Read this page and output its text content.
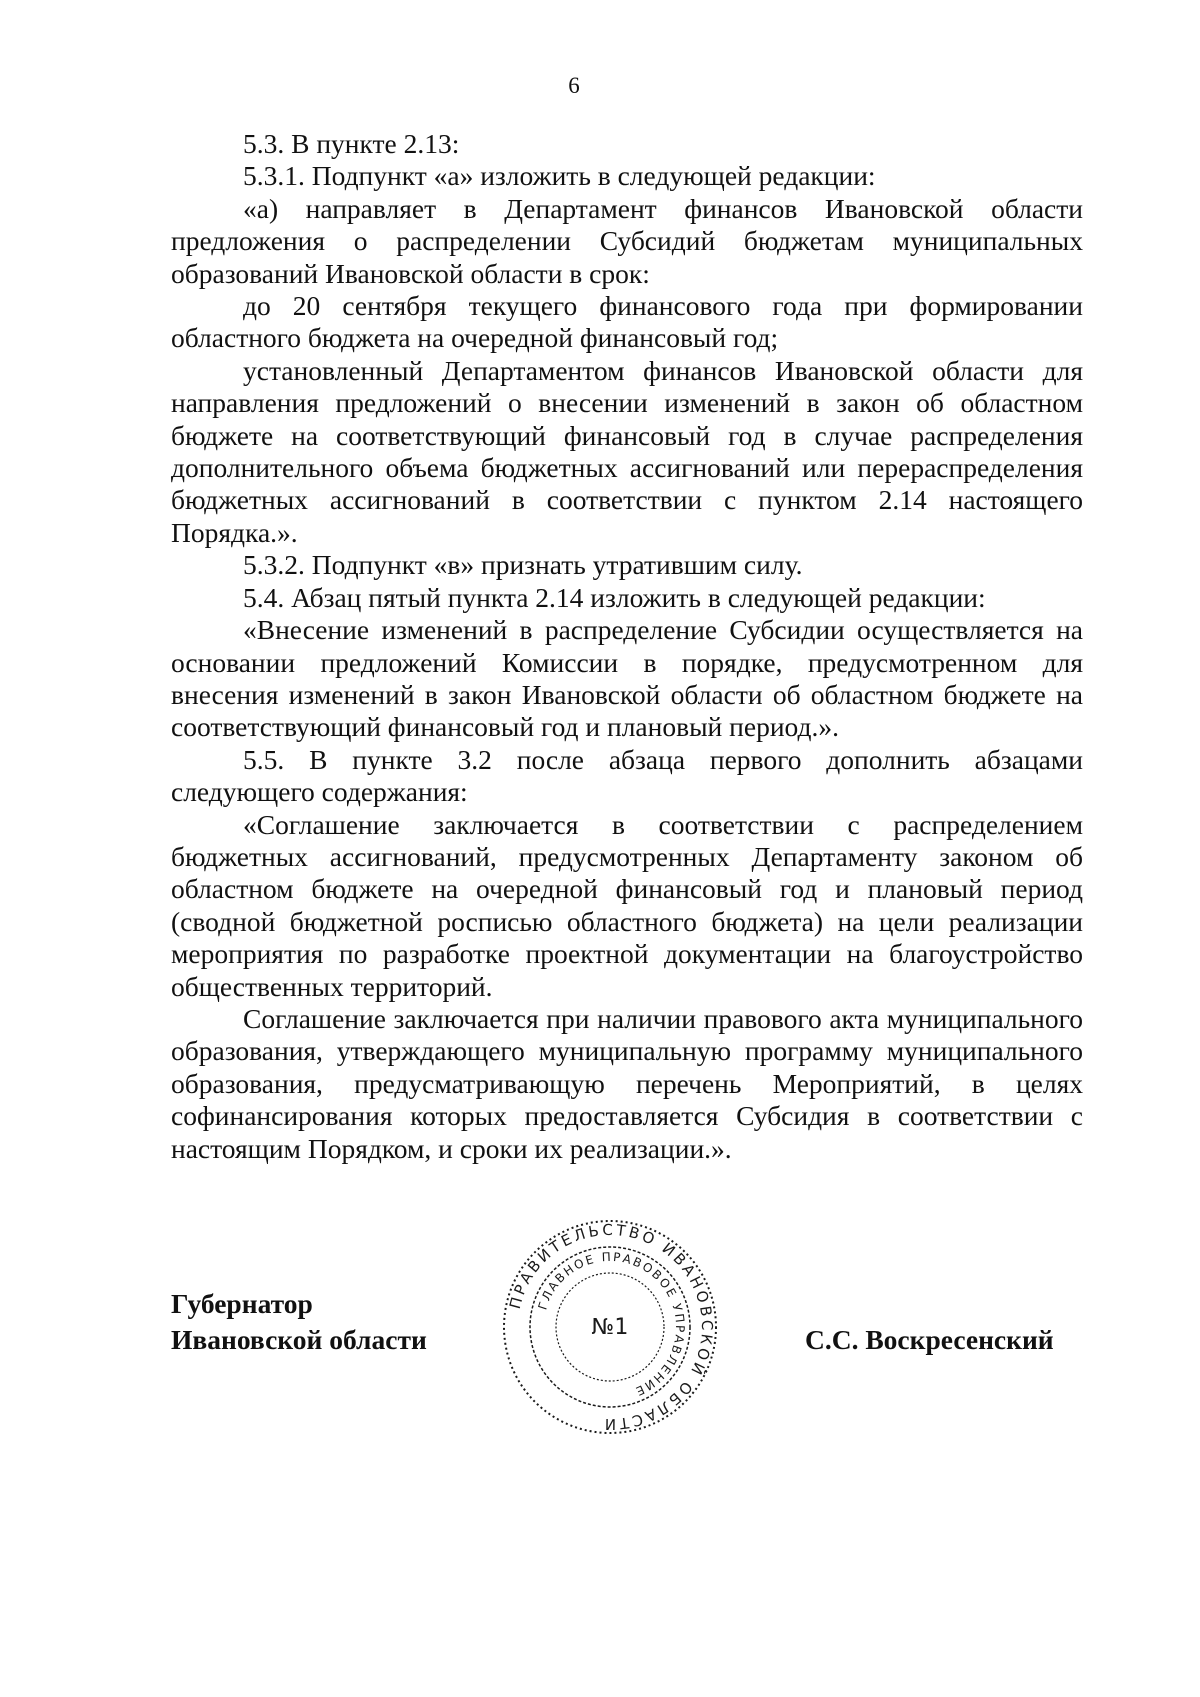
6

5.3. В пункте 2.13:

5.3.1. Подпункт «а» изложить в следующей редакции:

«а) направляет в Департамент финансов Ивановской области предложения о распределении Субсидий бюджетам муниципальных образований Ивановской области в срок:

до 20 сентября текущего финансового года при формировании областного бюджета на очередной финансовый год;

установленный Департаментом финансов Ивановской области для направления предложений о внесении изменений в закон об областном бюджете на соответствующий финансовый год в случае распределения дополнительного объема бюджетных ассигнований или перераспределения бюджетных ассигнований в соответствии с пунктом 2.14 настоящего Порядка.».

5.3.2. Подпункт «в» признать утратившим силу.

5.4. Абзац пятый пункта 2.14 изложить в следующей редакции:

«Внесение изменений в распределение Субсидии осуществляется на основании предложений Комиссии в порядке, предусмотренном для внесения изменений в закон Ивановской области об областном бюджете на соответствующий финансовый год и плановый период.».

5.5. В пункте 3.2 после абзаца первого дополнить абзацами следующего содержания:

«Соглашение заключается в соответствии с распределением бюджетных ассигнований, предусмотренных Департаменту законом об областном бюджете на очередной финансовый год и плановый период (сводной бюджетной росписью областного бюджета) на цели реализации мероприятия по разработке проектной документации на благоустройство общественных территорий.

Соглашение заключается при наличии правового акта муниципального образования, утверждающего муниципальную программу муниципального образования, предусматривающую перечень Мероприятий, в целях софинансирования которых предоставляется Субсидия в соответствии с настоящим Порядком, и сроки их реализации.».

Губернатор
Ивановской области
ПРАВИТЕЛЬСТВО ИВАНОВСКОЙ ОБЛАСТИ
ГЛАВНОЕ ПРАВОВОЕ УПРАВЛЕНИЕ
№1	С.С. Воскресенский
